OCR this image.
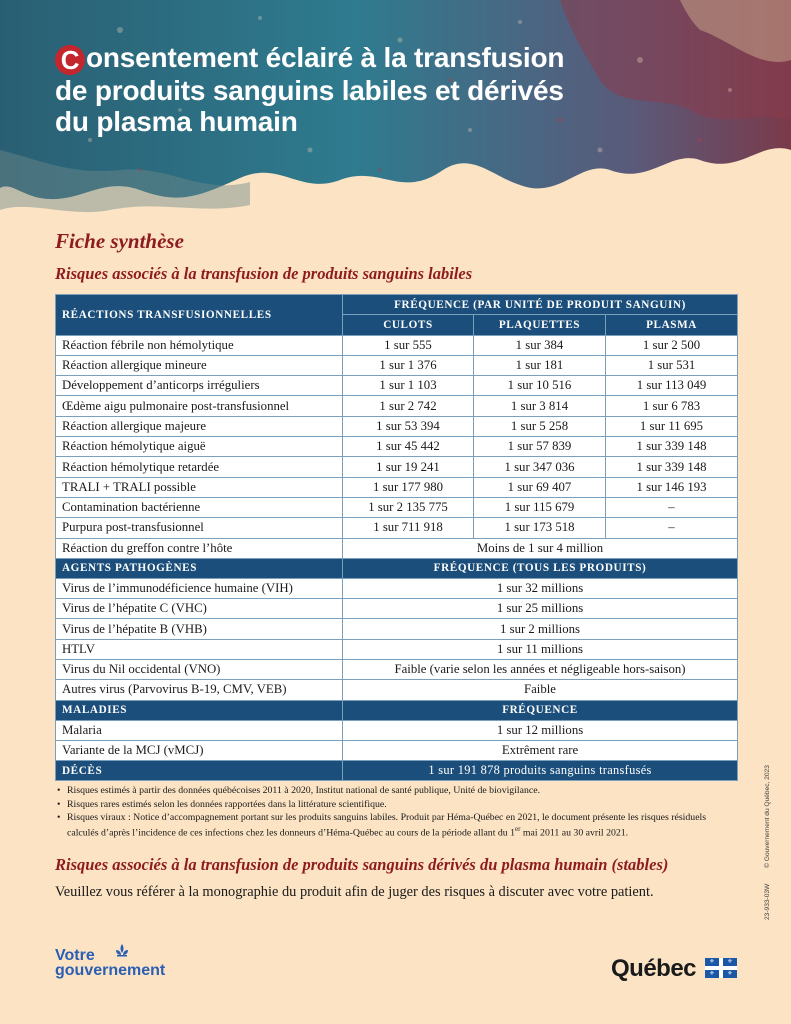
C onsentement éclairé à la transfusion
de produits sanguins labiles et dérivés
du plasma humain
Fiche synthèse
Risques associés à la transfusion de produits sanguins labiles
RÉACTIONS TRANSFUSIONNELLES	FRÉQUENCE (PAR UNITÉ DE PRODUIT SANGUIN)		
	CULOTS	PLAQUETTES	PLASMA
Réaction fébrile non hémolytique	1 sur 555	1 sur 384	1 sur 2 500
Réaction allergique mineure	1 sur 1 376	1 sur 181	1 sur 531
Développement d’anticorps irréguliers	1 sur 1 103	1 sur 10 516	1 sur 113 049
Œdème aigu pulmonaire post-transfusionnel	1 sur 2 742	1 sur 3 814	1 sur 6 783
Réaction allergique majeure	1 sur 53 394	1 sur 5 258	1 sur 11 695
Réaction hémolytique aiguë	1 sur 45 442	1 sur 57 839	1 sur 339 148
Réaction hémolytique retardée	1 sur 19 241	1 sur 347 036	1 sur 339 148
TRALI + TRALI possible	1 sur 177 980	1 sur 69 407	1 sur 146 193
Contamination bactérienne	1 sur 2 135 775	1 sur 115 679	–
Purpura post-transfusionnel	1 sur 711 918	1 sur 173 518	–
Réaction du greffon contre l’hôte	Moins de 1 sur 4 million		
AGENTS PATHOGÈNES	FRÉQUENCE (TOUS LES PRODUITS)		
Virus de l’immunodéficience humaine (VIH)	1 sur 32 millions		
Virus de l’hépatite C (VHC)	1 sur 25 millions		
Virus de l’hépatite B (VHB)	1 sur 2 millions		
HTLV	1 sur 11 millions		
Virus du Nil occidental (VNO)	Faible (varie selon les années et négligeable hors-saison)		
Autres virus (Parvovirus B-19, CMV, VEB)	Faible		
MALADIES	FRÉQUENCE		
Malaria	1 sur 12 millions		
Variante de la MCJ (vMCJ)	Extrêment rare		
DÉCÈS	1 sur 191 878 produits sanguins transfusés		
• Risques estimés à partir des données québécoises 2011 à 2020, Institut national de santé publique, Unité de biovigilance.
• Risques rares estimés selon les données rapportées dans la littérature scientifique.
• Risques viraux : Notice d’accompagnement portant sur les produits sanguins labiles. Produit par Héma-Québec en 2021, le document présente les risques résiduels calculés d’après l’incidence de ces infections chez les donneurs d’Héma-Québec au cours de la période allant du 1er mai 2011 au 30 avril 2021.
Risques associés à la transfusion de produits sanguins dérivés du plasma humain (stables)
Veuillez vous référer à la monographie du produit afin de juger des risques à discuter avec votre patient.	23-933-03W © Gouvernement du Québec, 2023
Votre
gouvernement	Québec ⚜ ⚜
⚜ ⚜
